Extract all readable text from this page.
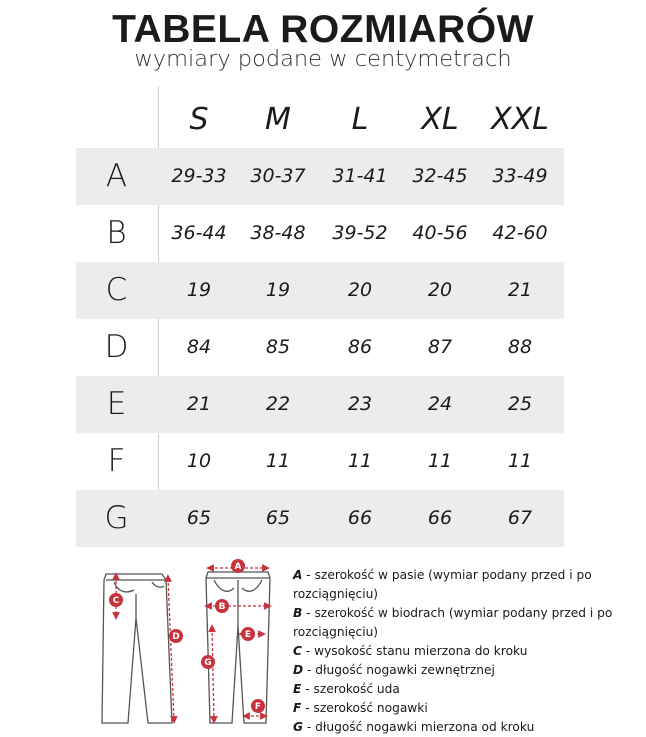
TABELA ROZMIARÓW
wymiary podane w centymetrach
S	M	L	XL	XXL
A	29-33	30-37	31-41	32-45	33-49
B	36-44	38-48	39-52	40-56	42-60
C	19	19	20	20	21
D	84	85	86	87	88
E	21	22	23	24	25
F	10	11	11	11	11
G	65	65	66	66	67
A
B
C
D	E
F
G

A - szerokość w pasie (wymiar podany przed i po rozciągnięciu)

B - szerokość w biodrach (wymiar podany przed i po rozciągnięciu)

C - wysokość stanu mierzona do kroku

D - długość nogawki zewnętrznej

E - szerokość uda

F - szerokość nogawki

G - długość nogawki mierzona od kroku
